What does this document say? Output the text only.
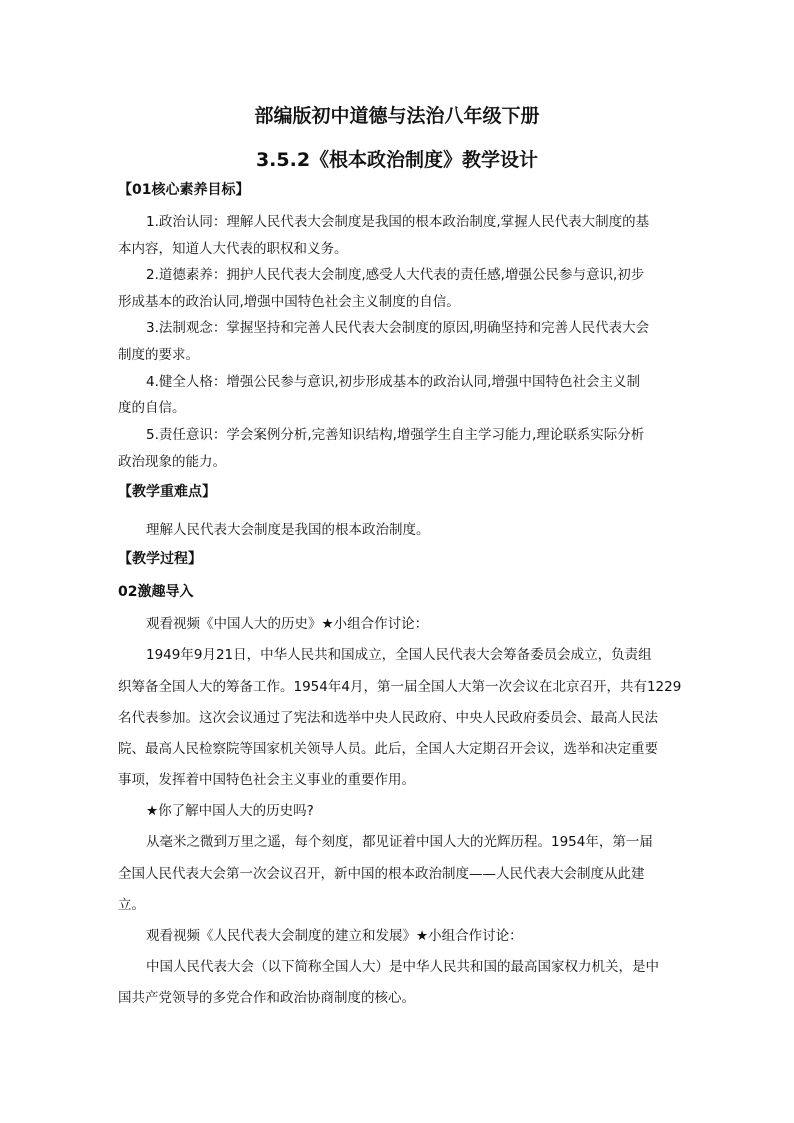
部编版初中道德与法治八年级下册
3.5.2《根本政治制度》教学设计
【01核心素养目标】
1.政治认同：理解人民代表大会制度是我国的根本政治制度,掌握人民代表大制度的基
本内容，知道人大代表的职权和义务。
2.道德素养：拥护人民代表大会制度,感受人大代表的责任感,增强公民参与意识,初步
形成基本的政治认同,增强中国特色社会主义制度的自信。
3.法制观念：掌握坚持和完善人民代表大会制度的原因,明确坚持和完善人民代表大会
制度的要求。
4.健全人格：增强公民参与意识,初步形成基本的政治认同,增强中国特色社会主义制
度的自信。
5.责任意识：学会案例分析,完善知识结构,增强学生自主学习能力,理论联系实际分析
政治现象的能力。
【教学重难点】
理解人民代表大会制度是我国的根本政治制度。
【教学过程】
02激趣导入
观看视频《中国人大的历史》★小组合作讨论：
1949年9月21日，中华人民共和国成立，全国人民代表大会筹备委员会成立，负责组
织筹备全国人大的筹备工作。1954年4月，第一届全国人大第一次会议在北京召开，共有1229
名代表参加。这次会议通过了宪法和选举中央人民政府、中央人民政府委员会、最高人民法
院、最高人民检察院等国家机关领导人员。此后，全国人大定期召开会议，选举和决定重要
事项，发挥着中国特色社会主义事业的重要作用。
★你了解中国人大的历史吗?
从毫米之微到万里之遥，每个刻度，都见证着中国人大的光辉历程。1954年，第一届
全国人民代表大会第一次会议召开，新中国的根本政治制度——人民代表大会制度从此建
立。
观看视频《人民代表大会制度的建立和发展》★小组合作讨论：
中国人民代表大会（以下简称全国人大）是中华人民共和国的最高国家权力机关，是中
国共产党领导的多党合作和政治协商制度的核心。
